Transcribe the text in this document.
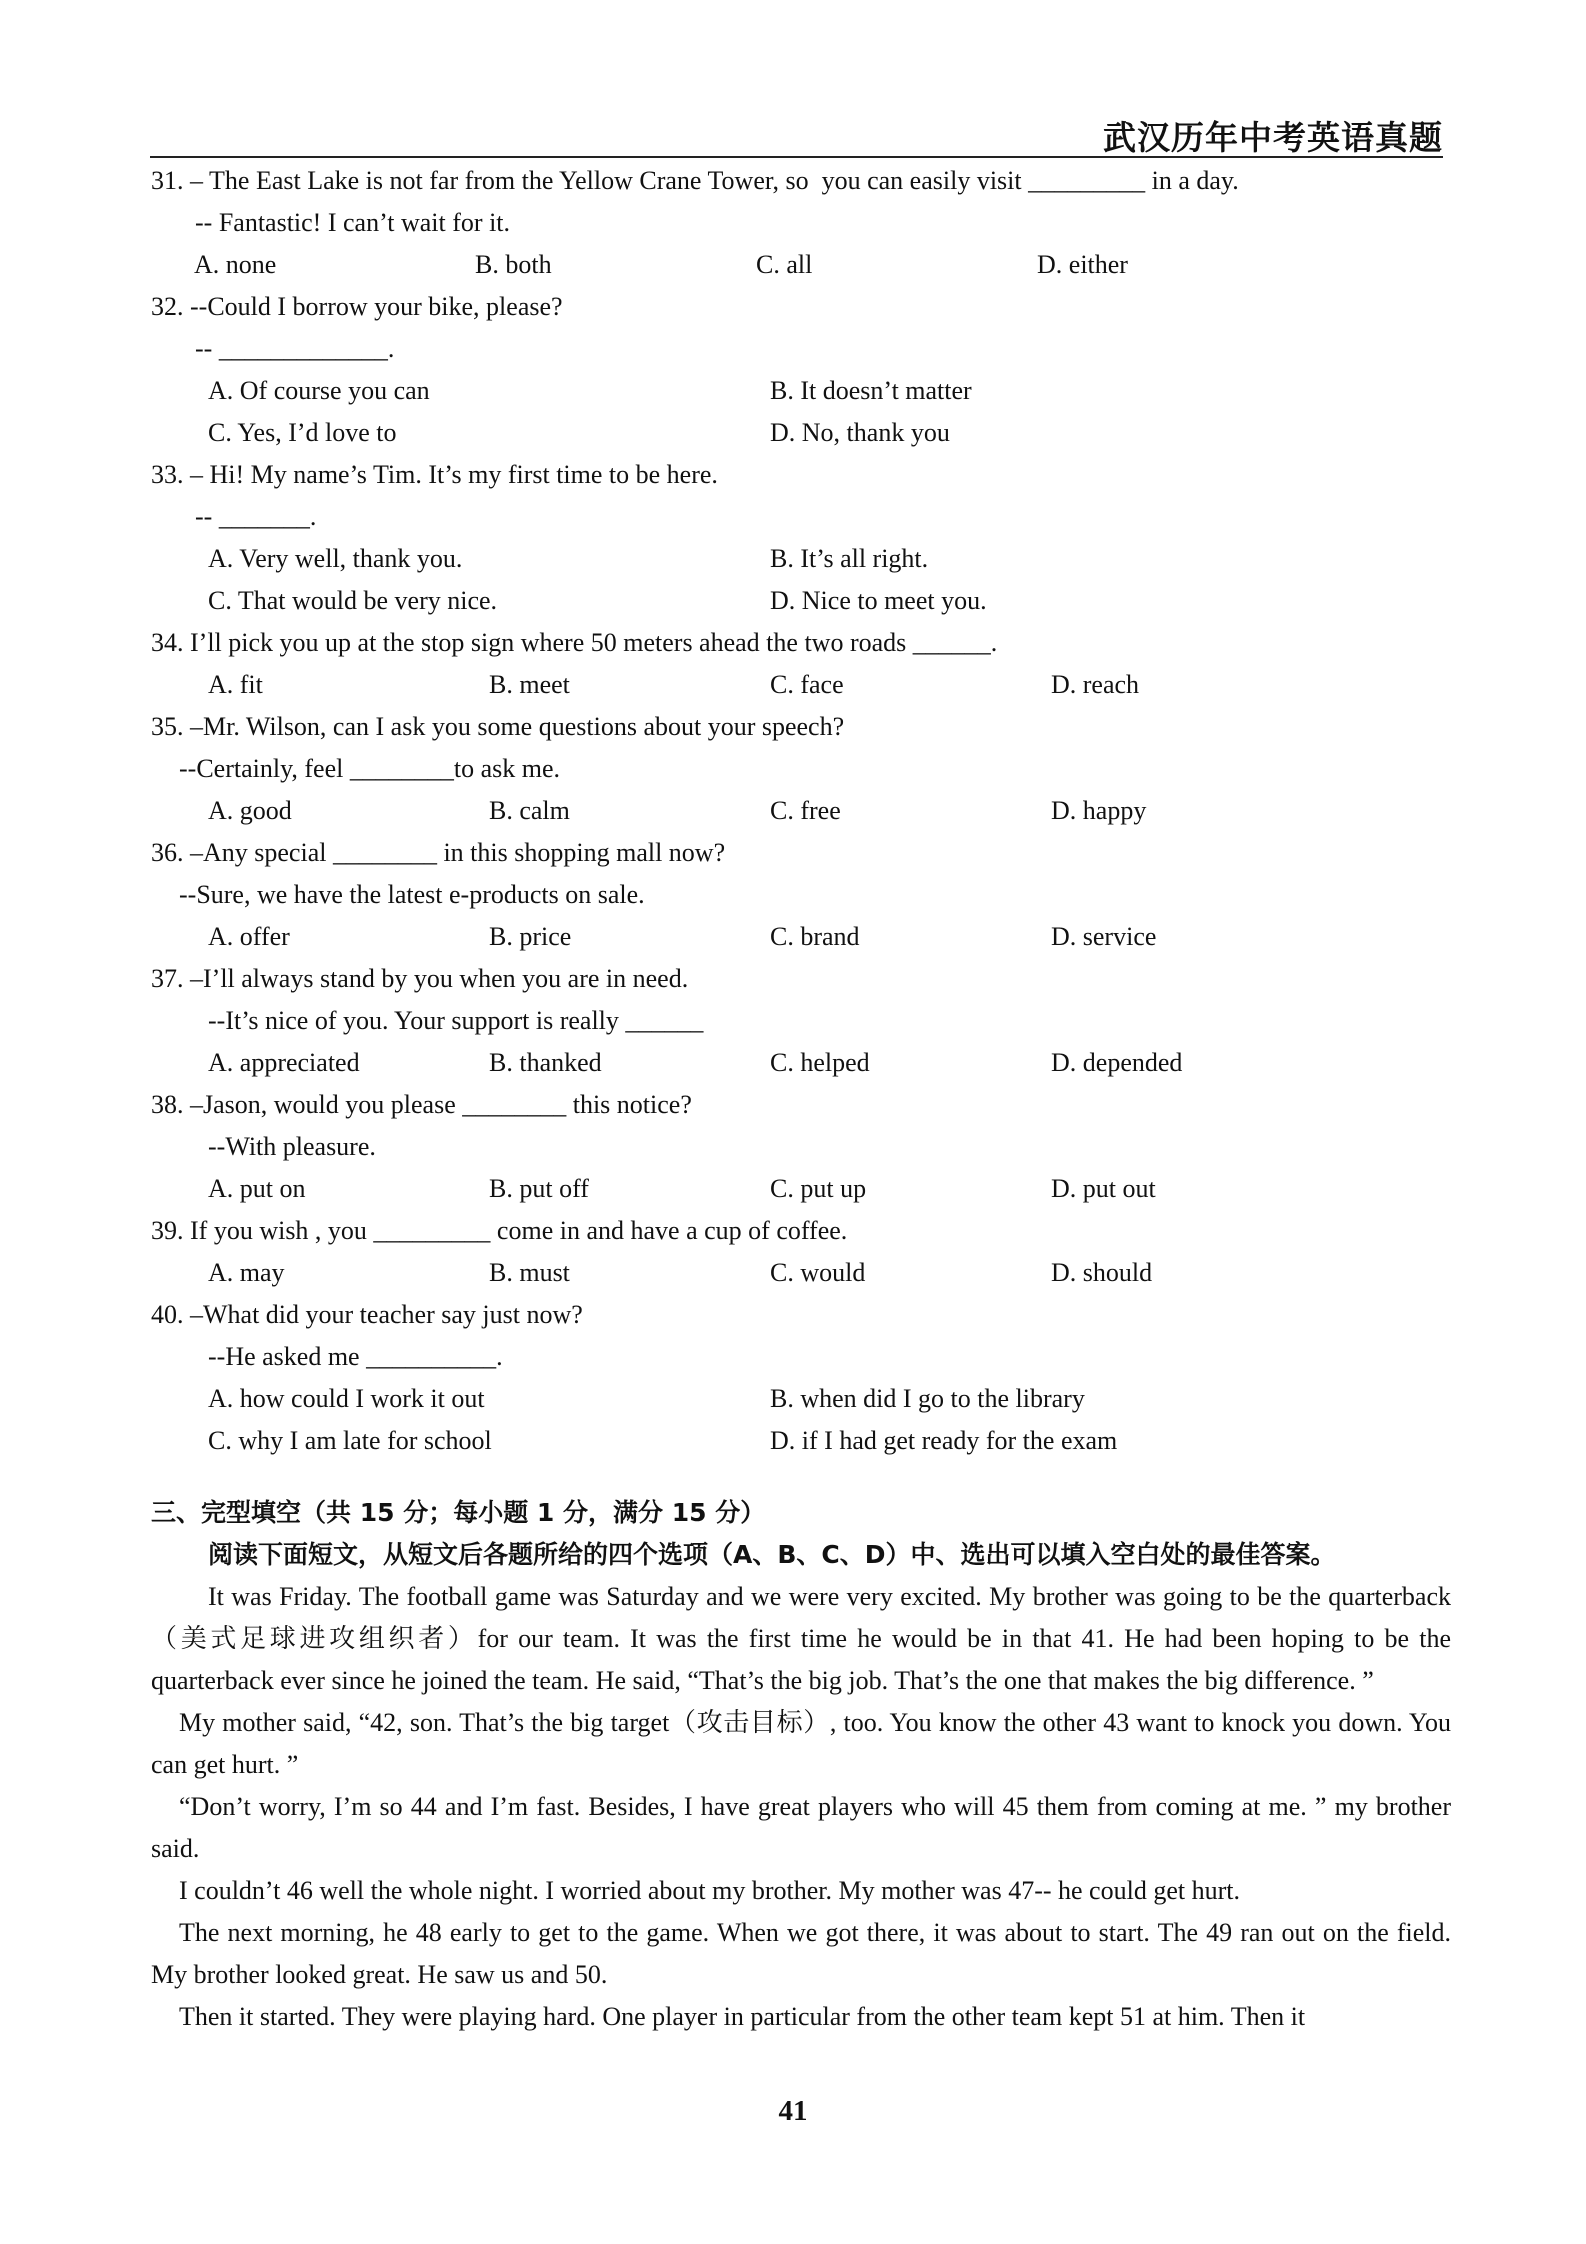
武汉历年中考英语真题
31. – The East Lake is not far from the Yellow Crane Tower, so  you can easily visit _________ in a day.
-- Fantastic! I can’t wait for it.
A. none	B. both	C. all	D. either
32. --Could I borrow your bike, please?
-- _____________.
A. Of course you can	B. It doesn’t matter
C. Yes, I’d love to	D. No, thank you
33. – Hi! My name’s Tim. It’s my first time to be here.
-- _______.
A. Very well, thank you.	B. It’s all right.
C. That would be very nice.	D. Nice to meet you.
34. I’ll pick you up at the stop sign where 50 meters ahead the two roads ______.
A. fit	B. meet	C. face	D. reach
35. –Mr. Wilson, can I ask you some questions about your speech?
--Certainly, feel ________to ask me.
A. good	B. calm	C. free	D. happy
36. –Any special ________ in this shopping mall now?
--Sure, we have the latest e-products on sale.
A. offer	B. price	C. brand	D. service
37. –I’ll always stand by you when you are in need.
--It’s nice of you. Your support is really ______
A. appreciated	B. thanked	C. helped	D. depended
38. –Jason, would you please ________ this notice?
--With pleasure.
A. put on	B. put off	C. put up	D. put out
39. If you wish , you _________ come in and have a cup of coffee.
A. may	B. must	C. would	D. should
40. –What did your teacher say just now?
--He asked me __________.
A. how could I work it out	B. when did I go to the library
C. why I am late for school	D. if I had get ready for the exam
三、完型填空（共 15 分；每小题 1 分，满分 15 分）
阅读下面短文，从短文后各题所给的四个选项（A、B、C、D）中、选出可以填入空白处的最佳答案。
It was Friday. The football game was Saturday and we were very excited. My brother was going to be the quarterback（美式足球进攻组织者）for our team. It was the first time he would be in that 41. He had been hoping to be the quarterback ever since he joined the team. He said, “That’s the big job. That’s the one that makes the big difference. ”
My mother said, “42, son. That’s the big target（攻击目标）, too. You know the other 43 want to knock you down. You can get hurt. ”
“Don’t worry, I’m so 44 and I’m fast. Besides, I have great players who will 45 them from coming at me. ” my brother said.
I couldn’t 46 well the whole night. I worried about my brother. My mother was 47-- he could get hurt.
The next morning, he 48 early to get to the game. When we got there, it was about to start. The 49 ran out on the field. My brother looked great. He saw us and 50.
Then it started. They were playing hard. One player in particular from the other team kept 51 at him. Then it
41
